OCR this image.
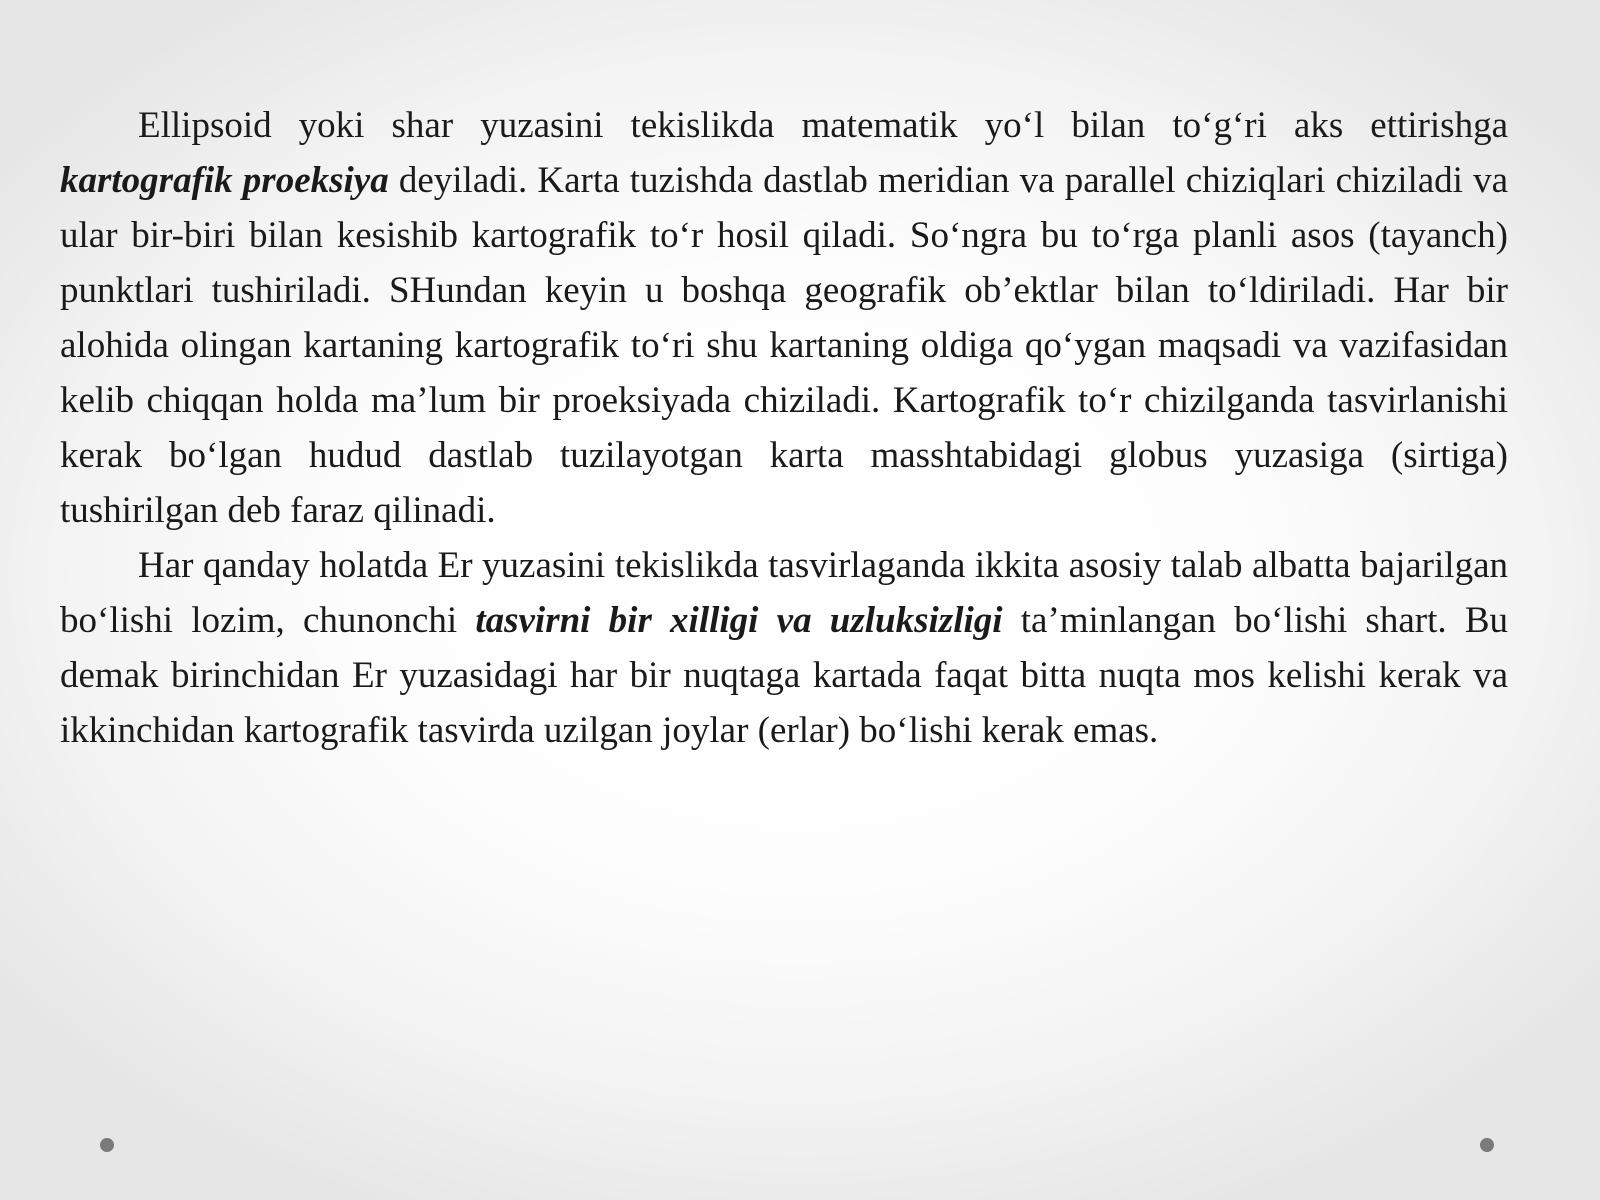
Ellipsoid yoki shar yuzasini tekislikda matematik yo‘l bilan to‘g‘ri aks ettirishga kartografik proeksiya deyiladi. Karta tuzishda dastlab meridian va parallel chiziqlari chiziladi va ular bir-biri bilan kesishib kartografik to‘r hosil qiladi. So‘ngra bu to‘rga planli asos (tayanch) punktlari tushiriladi. SHundan keyin u boshqa geografik ob’ektlar bilan to‘ldiriladi. Har bir alohida olingan kartaning kartografik to‘ri shu kartaning oldiga qo‘ygan maqsadi va vazifasidan kelib chiqqan holda ma’lum bir proeksiyada chiziladi. Kartografik to‘r chizilganda tasvirlanishi kerak bo‘lgan hudud dastlab tuzilayotgan karta masshtabidagi globus yuzasiga (sirtiga) tushirilgan deb faraz qilinadi.

Har qanday holatda Er yuzasini tekislikda tasvirlaganda ikkita asosiy talab albatta bajarilgan bo‘lishi lozim, chunonchi tasvirni bir xilligi va uzluksizligi ta’minlangan bo‘lishi shart. Bu demak birinchidan Er yuzasidagi har bir nuqtaga kartada faqat bitta nuqta mos kelishi kerak va ikkinchidan kartografik tasvirda uzilgan joylar (erlar) bo‘lishi kerak emas.
